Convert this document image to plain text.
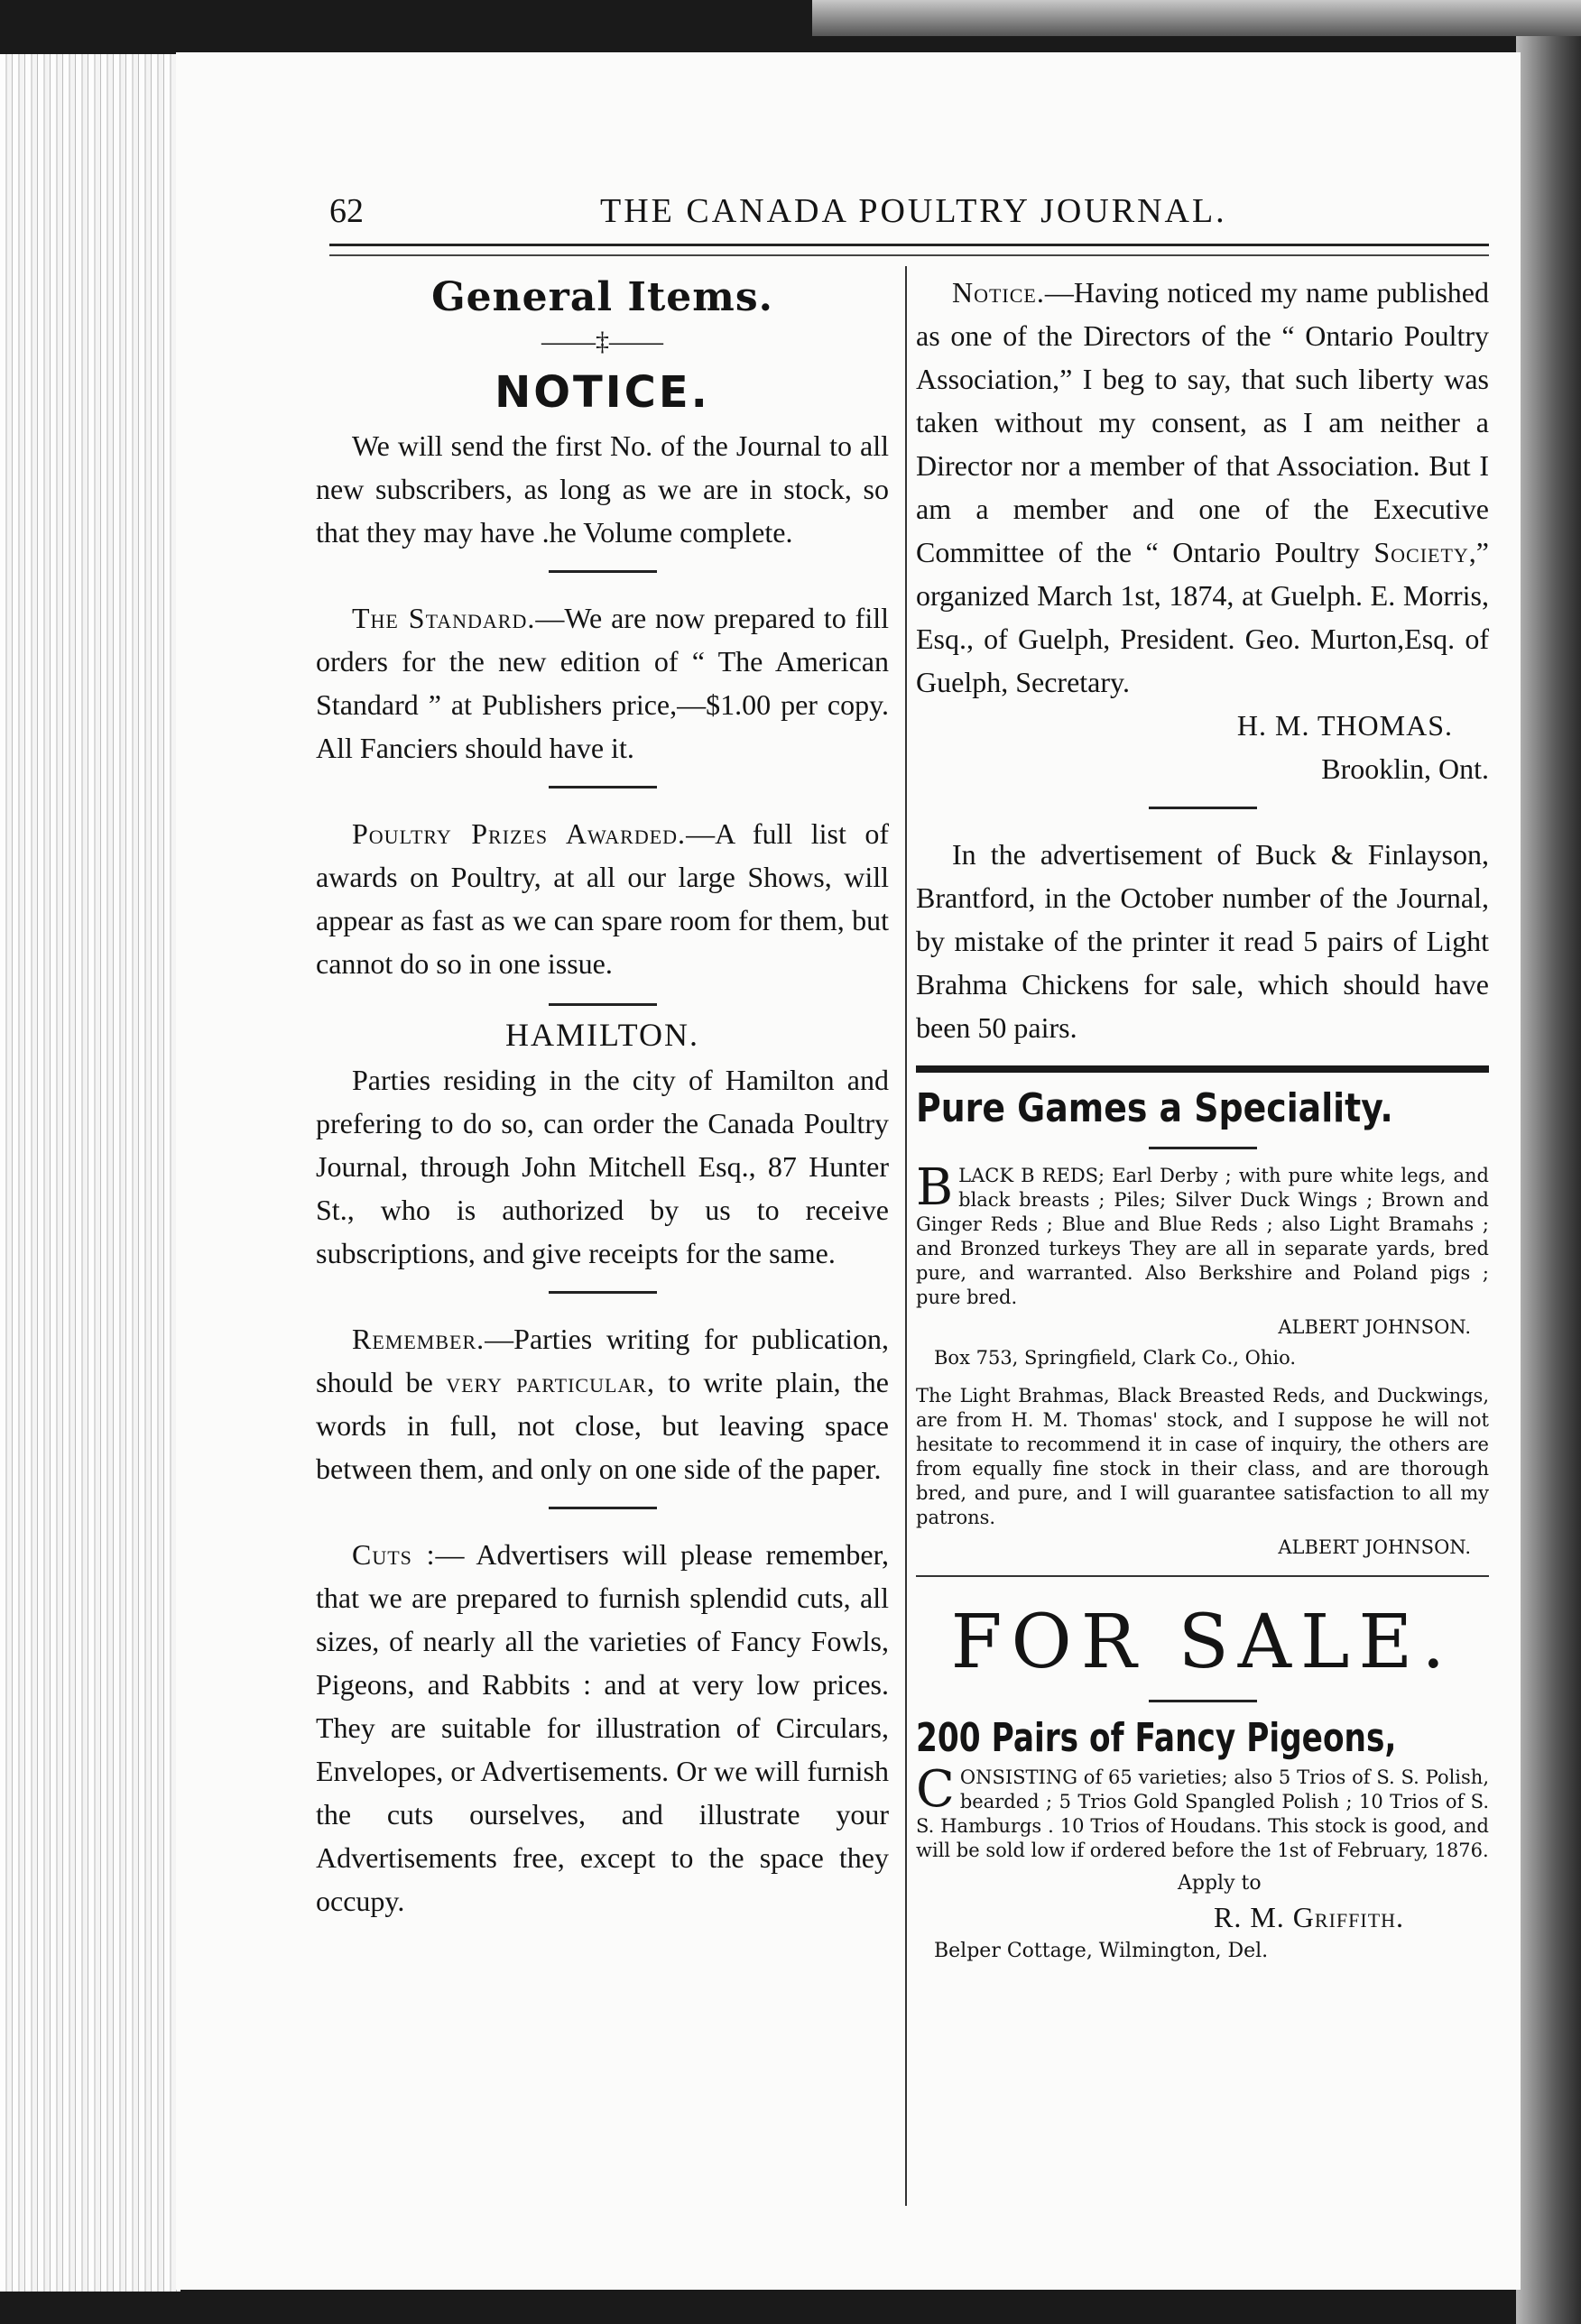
62	THE CANADA POULTRY JOURNAL.

General Items.

——‡——
NOTICE.

We will send the first No. of the Journal to all new subscribers, as long as we are in stock, so that they may have .he Volume complete.

The Standard.—We are now prepared to fill orders for the new edition of “ The American Standard ” at Publishers price,—$1.00 per copy. All Fanciers should have it.

Poultry Prizes Awarded.—A full list of awards on Poultry, at all our large Shows, will appear as fast as we can spare room for them, but cannot do so in one issue.

HAMILTON.

Parties residing in the city of Hamilton and prefering to do so, can order the Canada Poultry Journal, through John Mitchell Esq., 87 Hunter St., who is authorized by us to receive subscriptions, and give receipts for the same.

Remember.—Parties writing for publication, should be very particular, to write plain, the words in full, not close, but leaving space between them, and only on one side of the paper.

Cuts :— Advertisers will please remember, that we are prepared to furnish splendid cuts, all sizes, of nearly all the varieties of Fancy Fowls, Pigeons, and Rabbits : and at very low prices. They are suitable for illustration of Circulars, Envelopes, or Advertisements. Or we will furnish the cuts ourselves, and illustrate your Advertisements free, except to the space they occupy.

Notice.—Having noticed my name published as one of the Directors of the “ Ontario Poultry Association,” I beg to say, that such liberty was taken without my consent, as I am neither a Director nor a member of that Association. But I am a member and one of the Executive Committee of the “ Ontario Poultry Society,” organized March 1st, 1874, at Guelph. E. Morris, Esq., of Guelph, President. Geo. Murton,Esq. of Guelph, Secretary.

H. M. THOMAS.

Brooklin, Ont.

In the advertisement of Buck & Finlayson, Brantford, in the October number of the Journal, by mistake of the printer it read 5 pairs of Light Brahma Chickens for sale, which should have been 50 pairs.

Pure Games a Speciality.

BLACK B REDS; Earl Derby ; with pure white legs, and black breasts ; Piles; Silver Duck Wings ; Brown and Ginger Reds ; Blue and Blue Reds ; also Light Bramahs ; and Bronzed turkeys They are all in separate yards, bred pure, and warranted. Also Berkshire and Poland pigs ; pure bred.

ALBERT JOHNSON.

Box 753, Springfield, Clark Co., Ohio.

The Light Brahmas, Black Breasted Reds, and Duckwings, are from H. M. Thomas' stock, and I suppose he will not hesitate to recommend it in case of inquiry, the others are from equally fine stock in their class, and are thorough bred, and pure, and I will guarantee satisfaction to all my patrons.

ALBERT JOHNSON.

FOR SALE.

200 Pairs of Fancy Pigeons,

CONSISTING of 65 varieties; also 5 Trios of S. S. Polish, bearded ; 5 Trios Gold Spangled Polish ; 10 Trios of S. S. Hamburgs . 10 Trios of Houdans. This stock is good, and will be sold low if ordered before the 1st of February, 1876.

Apply to

R. M. Griffith.

Belper Cottage, Wilmington, Del.
